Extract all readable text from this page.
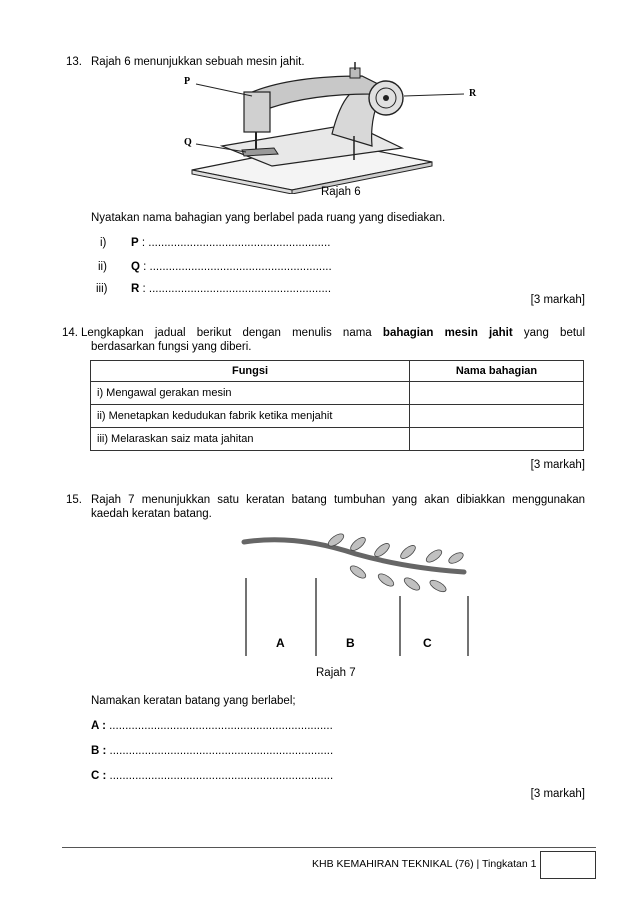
13. Rajah 6 menunjukkan sebuah mesin jahit.
P
Q
R
Rajah 6
Nyatakan nama bahagian yang berlabel pada ruang yang disediakan.
i) P : .........................................................
ii) Q : .........................................................
iii) R : .........................................................
[3 markah]
14. Lengkapkan jadual berikut dengan menulis nama bahagian mesin jahit yang betul
berdasarkan fungsi yang diberi.
Fungsi	Nama bahagian
i) Mengawal gerakan mesin	
ii) Menetapkan kedudukan fabrik ketika menjahit	
iii) Melaraskan saiz mata jahitan	
[3 markah]
15. Rajah 7 menunjukkan satu keratan batang tumbuhan yang akan dibiakkan menggunakan
kaedah keratan batang.
A	B	C
Rajah 7
Namakan keratan batang yang berlabel;
A : ......................................................................
B : ......................................................................
C : ......................................................................
[3 markah]
KHB KEMAHIRAN TEKNIKAL (76) | Tingkatan 1
